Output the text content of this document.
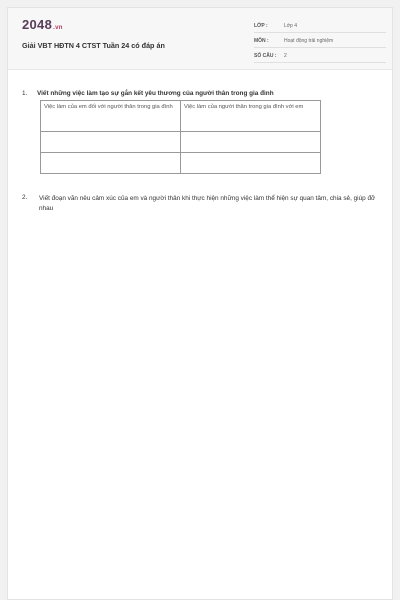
2048.vn
Giải VBT HĐTN 4 CTST Tuần 24 có đáp án
LỚP :	Lớp 4
MÔN :	Hoạt động trải nghiệm
SỐ CÂU : 2
1. Viết những việc làm tạo sự gắn kết yêu thương của người thân trong gia đình
Việc làm của em đối với người thân trong gia đình	Việc làm của người thân trong gia đình với em

2. Viết đoạn văn nêu cảm xúc của em và người thân khi thực hiện những việc làm thể hiện sự quan tâm, chia sẻ, giúp đỡ nhau
